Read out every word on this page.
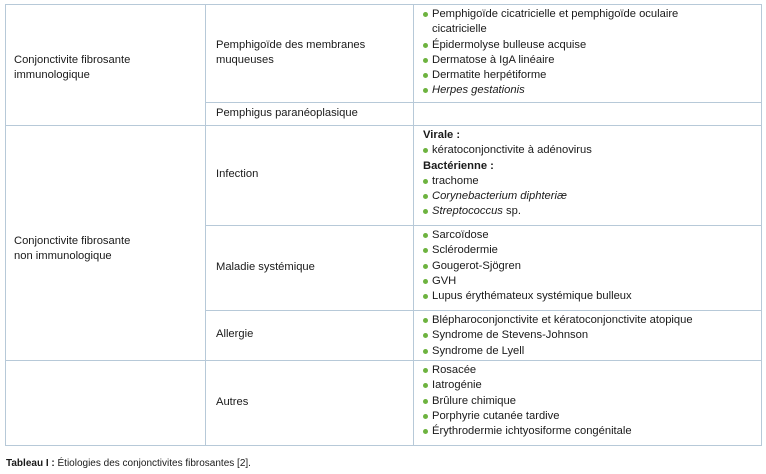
Conjonctivite fibrosante
immunologique
Pemphigoïde des membranes
muqueuses
Pemphigoïde cicatricielle et pemphigoïde oculaire
cicatricielle
Épidermolyse bulleuse acquise
Dermatose à IgA linéaire
Dermatite herpétiforme
Herpes gestationis
Pemphigus paranéoplasique
Conjonctivite fibrosante
non immunologique
Infection
Virale :
kératoconjonctivite à adénovirus
Bactérienne :
trachome
Corynebacterium diphteriæ
Streptococcus sp.
Maladie systémique
Sarcoïdose
Sclérodermie
Gougerot-Sjögren
GVH
Lupus érythémateux systémique bulleux
Allergie
Blépharoconjonctivite et kératoconjonctivite atopique
Syndrome de Stevens-Johnson
Syndrome de Lyell
Autres
Rosacée
Iatrogénie
Brûlure chimique
Porphyrie cutanée tardive
Érythrodermie ichtyosiforme congénitale
Tableau I : Étiologies des conjonctivites fibrosantes [2].
